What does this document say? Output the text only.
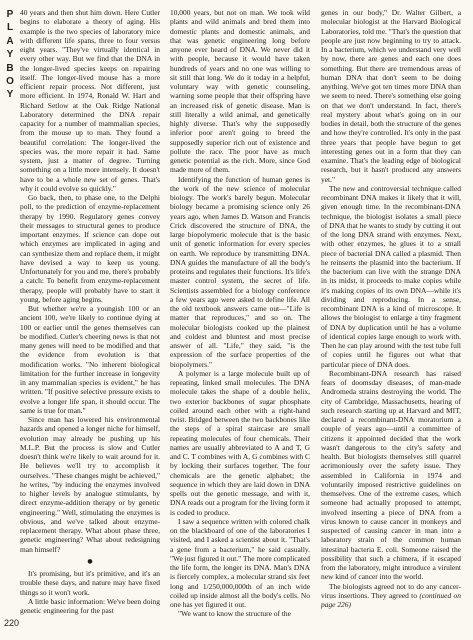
P
L
A
Y
B
O
Y
220

40 years and then shut him down. Here Cutler begins to elaborate a theory of aging. His example is the two species of laboratory mice with different life spans, three to four versus eight years. "They've virtually identical in every other way. But we find that the DNA in the longer-lived species keeps on repairing itself. The longer-lived mouse has a more efficient repair process. Not different, just more efficient. In 1974, Ronald W. Hart and Richard Setlow at the Oak Ridge National Laboratory determined the DNA repair capacity for a number of mammalian species, from the mouse up to man. They found a beautiful correlation: The longer-lived the species was, the more repair it had. Same system, just a matter of degree. Turning something on a little more intensely. It doesn't have to be a whole new set of genes. That's why it could evolve so quickly."

Go back, then, to phase one, to the Delphi poll, to the prediction of enzyme-replacement therapy by 1990. Regulatory genes convey their messages to structural genes to produce important enzymes. If science can dope out which enzymes are implicated in aging and can synthesize them and replace them, it might have devised a way to keep us young. Unfortunately for you and me, there's probably a catch: To benefit from enzyme-replacement therapy, people will probably have to start it young, before aging begins.

But whether we're a youngish 100 or an ancient 100, we're likely to continue dying at 100 or earlier until the genes themselves can be modified. Cutler's cheering news is that not many genes will need to be modified and that the evidence from evolution is that modification works. "No inherent biological limitation for the further increase in longevity in any mammalian species is evident," he has written. "If positive selective pressure exists to evolve a longer life span, it should occur. The same is true for man."

Since man has lowered his environmental hazards and opened a longer niche for himself, evolution may already be pushing up his M.L.P. But the process is slow and Cutler doesn't think we're likely to wait around for it. He believes we'll try to accomplish it ourselves. "These changes might be achieved," he writes, "by inducing the enzymes involved to higher levels by analogue stimulants, by direct enzyme-addition therapy or by genetic engineering." Well, stimulating the enzymes is obvious, and we've talked about enzyme-replacement therapy. What about phase three, genetic engineering? What about redesigning man himself?

●

It's promising, but it's primitive, and it's an trouble these days, and nature may have fixed things so it won't work.

A little basic information: We've been doing genetic engineering for the past

10,000 years, but not on man. We took wild plants and wild animals and bred them into domestic plants and domestic animals, and that was genetic engineering long before anyone ever heard of DNA. We never did it with people, because it would have taken hundreds of years and no one was willing to sit still that long. We do it today in a helpful, voluntary way with genetic counseling, warning some people that their offspring have an increased risk of genetic disease. Man is still literally a wild animal, and genetically highly diverse. That's why the supposedly inferior poor aren't going to breed the supposedly superior rich out of existence and pollute the race. The poor have as much genetic potential as the rich. More, since God made more of them.

Identifying the function of human genes is the work of the new science of molecular biology. The work's barely begun. Molecular biology became a promising science only 26 years ago, when James D. Watson and Francis Crick discovered the structure of DNA, the large biopolymeric molecule that is the basic unit of genetic information for every species on earth. We reproduce by transmitting DNA. DNA guides the manufacture of all the body's proteins and regulates their functions. It's life's master control system, the secret of life. Scientists assembled for a biology conference a few years ago were asked to define life. All the old textbook answers came out—"Life is matter that reproduces," and so on. The molecular biologists cooked up the plainest and coldest and bluntest and most precise answer of all. "Life," they said, "is the expression of the surface properties of the biopolymers."

A polymer is a large molecule built up of repeating, linked small molecules. The DNA molecule takes the shape of a double helix, two exterior backbones of sugar phosphate coiled around each other with a right-hand twist. Bridged between the two backbones like the steps of a spiral staircase are small repeating molecules of four chemicals. Their names are usually abbreviated to A and T, G and C. T combines with A, G combines with C by locking their surfaces together. The four chemicals are the genetic alphabet; the sequence in which they are laid down in DNA spells out the genetic message, and with it, DNA reads out a program for the living form it is coded to produce.

I saw a sequence written with colored chalk on the blackboard of one of the laboratories I visited, and I asked a scientist about it. "That's a gene from a bacterium," he said casually. "We just figured it out." The more complicated the life form, the longer its DNA. Man's DNA is fiercely complex, a molecular strand six feet long and 1/250,000,000th of an inch wide coiled up inside almost all the body's cells. No one has yet figured it out.

"We want to know the structure of the

genes in our body," Dr. Walter Gilbert, a molecular biologist at the Harvard Biological Laboratories, told me. "That's the question that people are just now beginning to try to attack. In a bacterium, which we understand very well by now, there are genes and each one does something. But there are tremendous areas of human DNA that don't seem to be doing anything. We've got ten times more DNA than we seem to need. There's something else going on that we don't understand. In fact, there's real mystery about what's going on in our bodies in detail, both the structure of the genes and how they're controlled. It's only in the past three years that people have begun to get interesting genes out in a form that they can examine. That's the leading edge of biological research, but it hasn't produced any answers yet."

The new and controversial technique called recombinant DNA makes it likely that it will, given enough time. In the recombinant-DNA technique, the biologist isolates a small piece of DNA that he wants to study by cutting it out of the long DNA strand with enzymes. Next, with other enzymes, he glues it to a small piece of bacterial DNA called a plasmid. Then he reinserts the plasmid into the bacterium. If the bacterium can live with the strange DNA in its midst, it proceeds to make copies while it's making copies of its own DNA—while it's dividing and reproducing. In a sense, recombinant DNA is a kind of microscope. It allows the biologist to enlarge a tiny fragment of DNA by duplication until he has a volume of identical copies large enough to work with. Then he can play around with the test tube full of copies until he figures out what that particular piece of DNA does.

Recombinant-DNA research has raised fears of doomsday diseases, of man-made Andromeda strains destroying the world. The city of Cambridge, Massachusetts, hearing of such research starting up at Harvard and MIT, declared a recombinant-DNA moratorium a couple of years ago—until a committee of citizens it appointed decided that the work wasn't dangerous to the city's safety and health. But biologists themselves still quarrel acrimoniously over the safety issue. They assembled in California in 1974 and voluntarily imposed restrictive guidelines on themselves. One of the extreme cases, which someone had actually proposed to attempt, involved inserting a piece of DNA from a virus known to cause cancer in monkeys and suspected of causing cancer in man into a laboratory strain of the common human intestinal bacteria E. coli. Someone raised the possibility that such a chimera, if it escaped from the laboratory, might introduce a virulent new kind of cancer into the world.

The biologists agreed not to do any cancer-virus insertions. They agreed to (continued on page 226)
